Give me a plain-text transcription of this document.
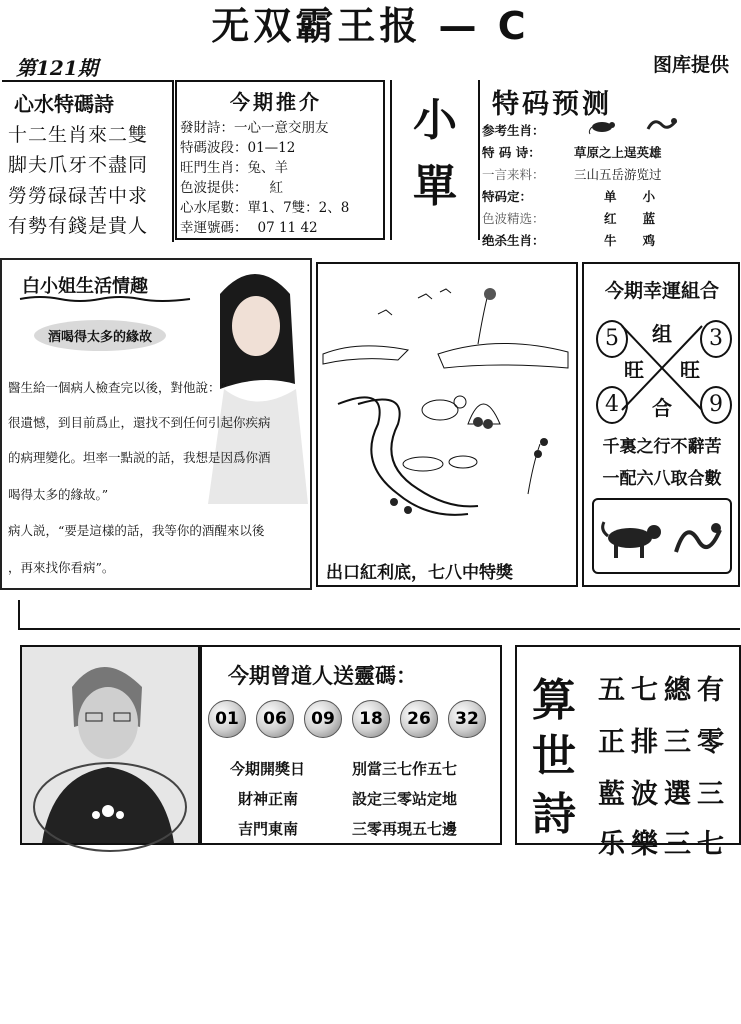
无双霸王报 — C
第121期	图库提供
心水特碼詩
十二生肖來二雙
脚夫爪牙不盡同
勞勞碌碌苦中求
有勢有錢是貴人
今期推介
發財詩：一心一意交朋友
特碼波段：01—12
旺門生肖：兔、羊
色波提供： 紅
心水尾數：單1、7雙：2、8
幸運號碼： 07 11 42
小
單
特码预测
参考生肖：
特 码 诗：	草原之上逞英雄
一言来料： 三山五岳游览过
特码定：	单      小
色波精选：	红      蓝
绝杀生肖：	牛      鸡
白小姐生活情趣
酒喝得太多的緣故
醫生給一個病人檢查完以後，對他說：“
很遺憾，到目前爲止，還找不到任何引起你疾病
的病理變化。坦率一點説的話，我想是因爲你酒
喝得太多的緣故。”
病人説，“要是這樣的話，我等你的酒醒來以後
，再來找你看病”。	出口紅利底，七八中特獎
今期幸運組合
5	3
4	9
组
旺 旺
合
千裏之行不辭苦
一配六八取合數
今期曾道人送靈碼：
01	06	09	18	26	32
今期開獎日
財神正南
吉門東南
別當三七作五七
設定三零站定地
三零再現五七邊
算
世
詩
五七總有
正排三零
藍波選三
乐樂三七
